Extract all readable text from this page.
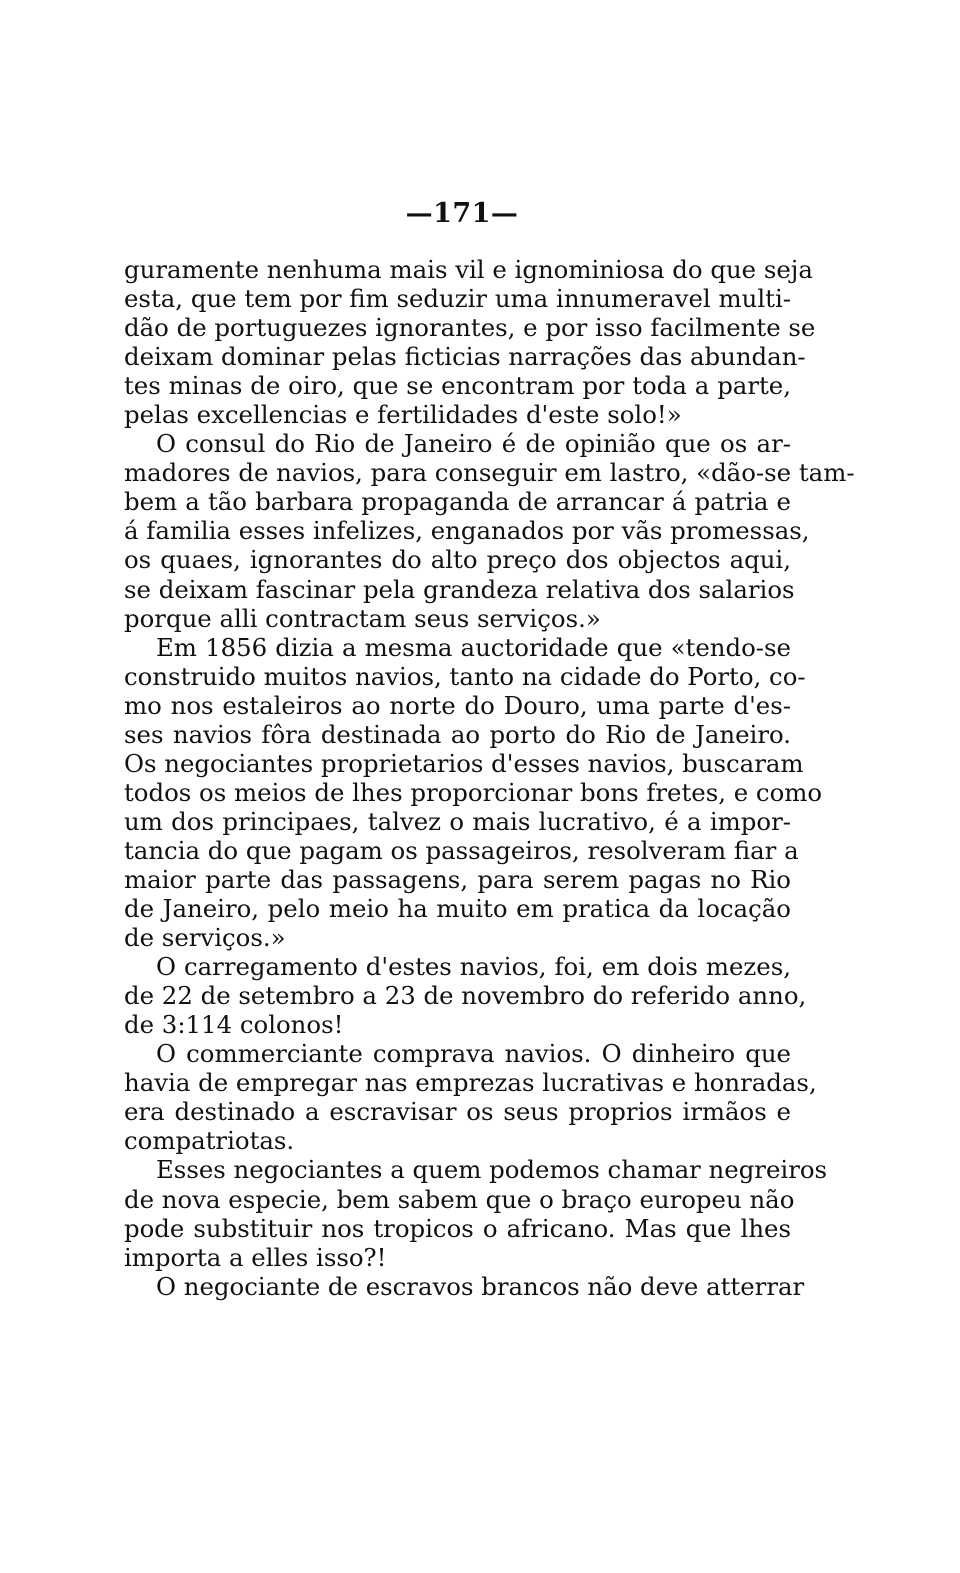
—171—
guramente nenhuma mais vil e ignominiosa do que seja
esta, que tem por fim seduzir uma innumeravel multi-
dão de portuguezes ignorantes, e por isso facilmente se
deixam dominar pelas ficticias narrações das abundan-
tes minas de oiro, que se encontram por toda a parte,
pelas excellencias e fertilidades d'este solo!»
O consul do Rio de Janeiro é de opinião que os ar-
madores de navios, para conseguir em lastro, «dão-se tam-
bem a tão barbara propaganda de arrancar á patria e
á familia esses infelizes, enganados por vãs promessas,
os quaes, ignorantes do alto preço dos objectos aqui,
se deixam fascinar pela grandeza relativa dos salarios
porque alli contractam seus serviços.»
Em 1856 dizia a mesma auctoridade que «tendo-se
construido muitos navios, tanto na cidade do Porto, co-
mo nos estaleiros ao norte do Douro, uma parte d'es-
ses navios fôra destinada ao porto do Rio de Janeiro.
Os negociantes proprietarios d'esses navios, buscaram
todos os meios de lhes proporcionar bons fretes, e como
um dos principaes, talvez o mais lucrativo, é a impor-
tancia do que pagam os passageiros, resolveram fiar a
maior parte das passagens, para serem pagas no Rio
de Janeiro, pelo meio ha muito em pratica da locação
de serviços.»
O carregamento d'estes navios, foi, em dois mezes,
de 22 de setembro a 23 de novembro do referido anno,
de 3:114 colonos!
O commerciante comprava navios. O dinheiro que
havia de empregar nas emprezas lucrativas e honradas,
era destinado a escravisar os seus proprios irmãos e
compatriotas.
Esses negociantes a quem podemos chamar negreiros
de nova especie, bem sabem que o braço europeu não
pode substituir nos tropicos o africano. Mas que lhes
importa a elles isso?!
O negociante de escravos brancos não deve atterrar
